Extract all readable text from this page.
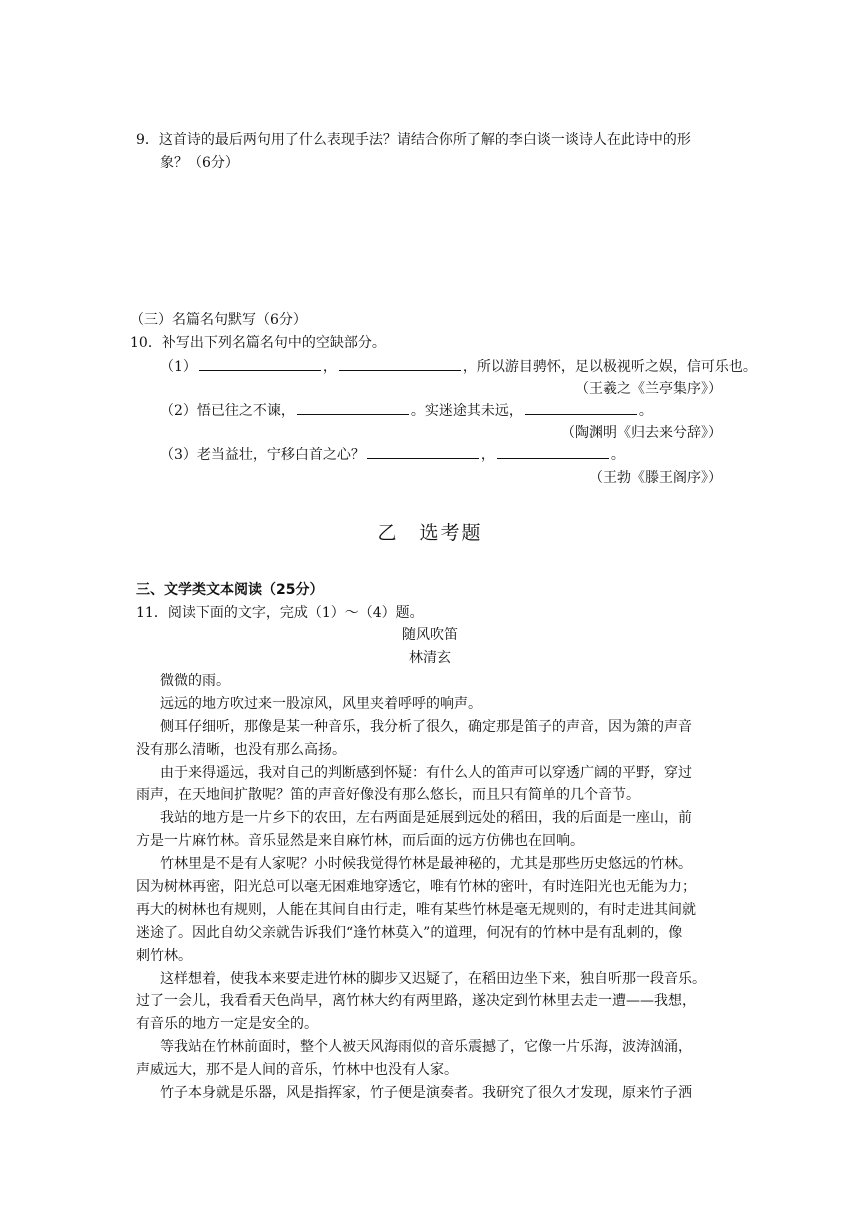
9．这首诗的最后两句用了什么表现手法？请结合你所了解的李白谈一谈诗人在此诗中的形
象？（6分）
（三）名篇名句默写（6分）
10．补写出下列名篇名句中的空缺部分。
（1）	，	，所以游目骋怀，足以极视听之娱，信可乐也。
（王羲之《兰亭集序》）
（2）悟已往之不谏，	。实迷途其未远，	。
（陶渊明《归去来兮辞》）
（3）老当益壮，宁移白首之心？	，	。
（王勃《滕王阁序》）
乙　选考题
三、文学类文本阅读（25分）
11．阅读下面的文字，完成（1）～（4）题。
随风吹笛
林清玄
微微的雨。
远远的地方吹过来一股凉风，风里夹着呼呼的响声。
侧耳仔细听，那像是某一种音乐，我分析了很久，确定那是笛子的声音，因为箫的声音
没有那么清晰，也没有那么高扬。
由于来得遥远，我对自己的判断感到怀疑：有什么人的笛声可以穿透广阔的平野，穿过
雨声，在天地间扩散呢？笛的声音好像没有那么悠长，而且只有简单的几个音节。
我站的地方是一片乡下的农田，左右两面是延展到远处的稻田，我的后面是一座山，前
方是一片麻竹林。音乐显然是来自麻竹林，而后面的远方仿佛也在回响。
竹林里是不是有人家呢？小时候我觉得竹林是最神秘的，尤其是那些历史悠远的竹林。
因为树林再密，阳光总可以毫无困难地穿透它，唯有竹林的密叶，有时连阳光也无能为力；
再大的树林也有规则，人能在其间自由行走，唯有某些竹林是毫无规则的，有时走进其间就
迷途了。因此自幼父亲就告诉我们“逢竹林莫入”的道理，何况有的竹林中是有乱刺的，像
刺竹林。
这样想着，使我本来要走进竹林的脚步又迟疑了，在稻田边坐下来，独自听那一段音乐。
过了一会儿，我看看天色尚早，离竹林大约有两里路，遂决定到竹林里去走一遭——我想，
有音乐的地方一定是安全的。
等我站在竹林前面时，整个人被天风海雨似的音乐震撼了，它像一片乐海，波涛汹涌，
声威远大，那不是人间的音乐，竹林中也没有人家。
竹子本身就是乐器，风是指挥家，竹子便是演奏者。我研究了很久才发现，原来竹子洒
